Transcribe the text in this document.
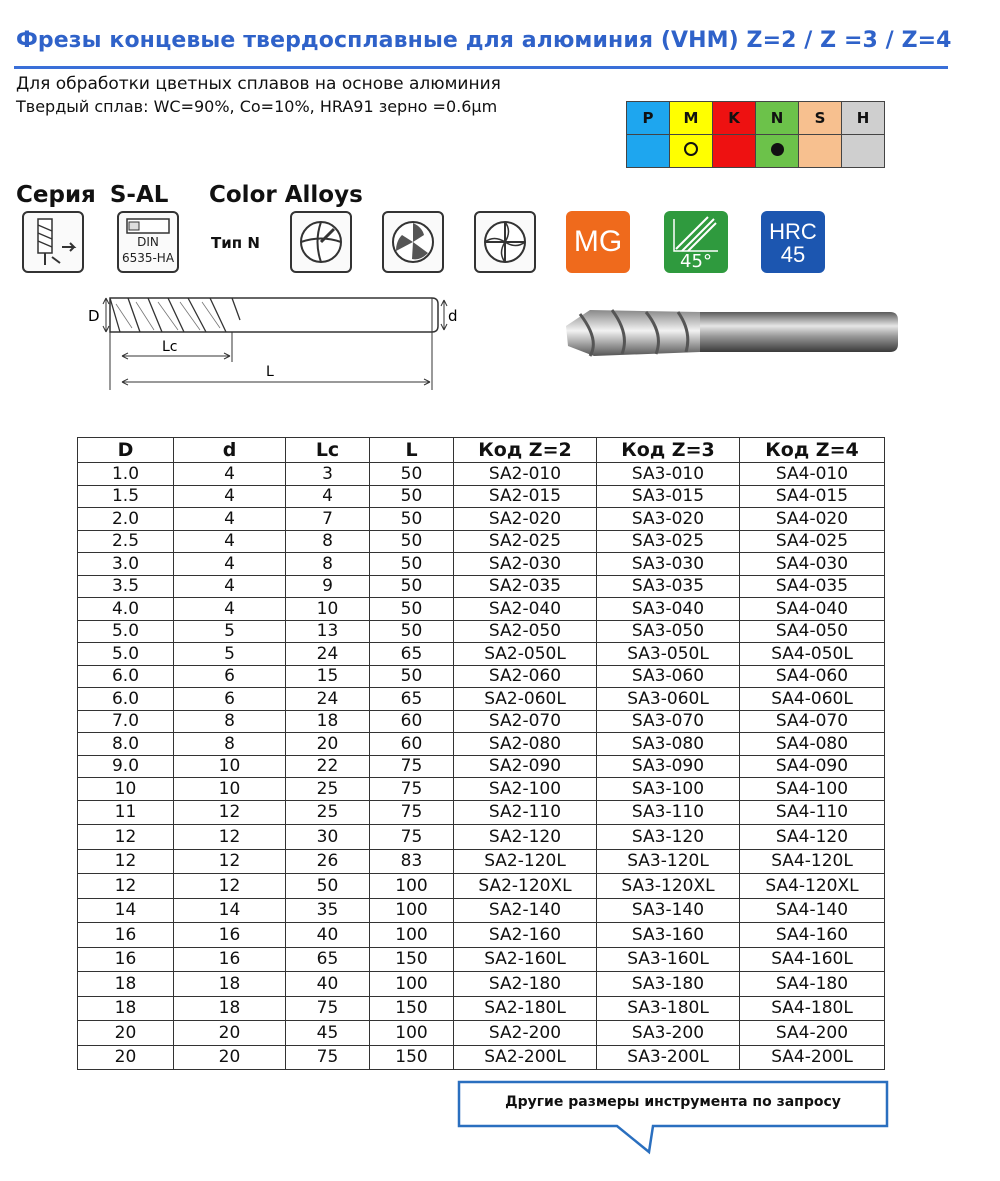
Фрезы концевые твердосплавные для алюминия (VHM) Z=2 / Z =3 / Z=4
Для обработки цветных сплавов на основе алюминия
Твердый сплав: WC=90%, Co=10%, HRA91 зерно =0.6μm
P	M	K	N	S	H

Серия S-AL Color Alloys
DIN
6535-HA
Тип N	MG
45°
HRC
45
D	d
Lc
L
D	d	Lc	L	Код Z=2	Код Z=3	Код Z=4
1.0	4	3	50	SA2-010	SA3-010	SA4-010
1.5	4	4	50	SA2-015	SA3-015	SA4-015
2.0	4	7	50	SA2-020	SA3-020	SA4-020
2.5	4	8	50	SA2-025	SA3-025	SA4-025
3.0	4	8	50	SA2-030	SA3-030	SA4-030
3.5	4	9	50	SA2-035	SA3-035	SA4-035
4.0	4	10	50	SA2-040	SA3-040	SA4-040
5.0	5	13	50	SA2-050	SA3-050	SA4-050
5.0	5	24	65	SA2-050L	SA3-050L	SA4-050L
6.0	6	15	50	SA2-060	SA3-060	SA4-060
6.0	6	24	65	SA2-060L	SA3-060L	SA4-060L
7.0	8	18	60	SA2-070	SA3-070	SA4-070
8.0	8	20	60	SA2-080	SA3-080	SA4-080
9.0	10	22	75	SA2-090	SA3-090	SA4-090
10	10	25	75	SA2-100	SA3-100	SA4-100
11	12	25	75	SA2-110	SA3-110	SA4-110
12	12	30	75	SA2-120	SA3-120	SA4-120
12	12	26	83	SA2-120L	SA3-120L	SA4-120L
12	12	50	100	SA2-120XL	SA3-120XL	SA4-120XL
14	14	35	100	SA2-140	SA3-140	SA4-140
16	16	40	100	SA2-160	SA3-160	SA4-160
16	16	65	150	SA2-160L	SA3-160L	SA4-160L
18	18	40	100	SA2-180	SA3-180	SA4-180
18	18	75	150	SA2-180L	SA3-180L	SA4-180L
20	20	45	100	SA2-200	SA3-200	SA4-200
20	20	75	150	SA2-200L	SA3-200L	SA4-200L
Другие размеры инструмента по запросу
